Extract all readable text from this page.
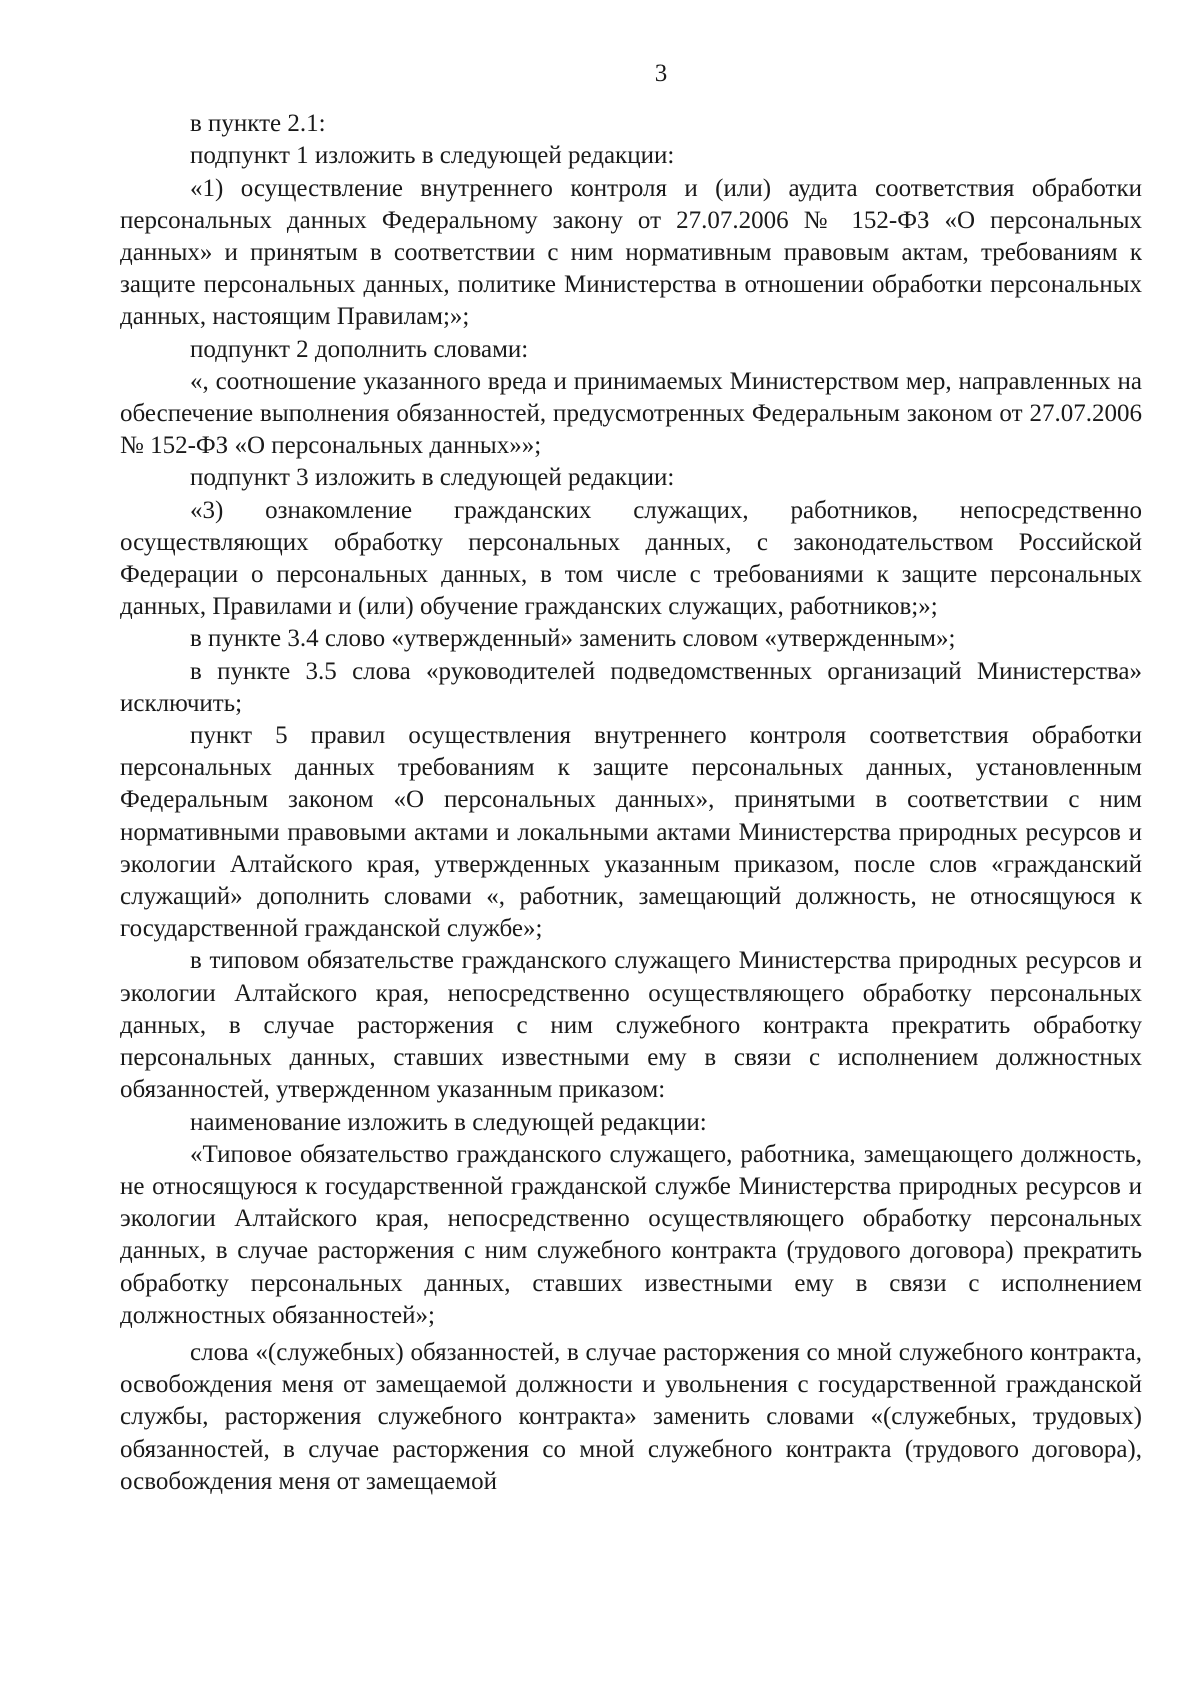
3

в пункте 2.1:

подпункт 1 изложить в следующей редакции:

«1) осуществление внутреннего контроля и (или) аудита соответствия обработки персональных данных Федеральному закону от 27.07.2006 № 152-ФЗ «О персональных данных» и принятым в соответствии с ним нормативным правовым актам, требованиям к защите персональных данных, политике Министерства в отношении обработки персональных данных, настоящим Правилам;»;

подпункт 2 дополнить словами:

«, соотношение указанного вреда и принимаемых Министерством мер, направленных на обеспечение выполнения обязанностей, предусмотренных Федеральным законом от 27.07.2006 № 152-ФЗ «О персональных данных»»;

подпункт 3 изложить в следующей редакции:

«3) ознакомление гражданских служащих, работников, непосредственно осуществляющих обработку персональных данных, с законодательством Российской Федерации о персональных данных, в том числе с требованиями к защите персональных данных, Правилами и (или) обучение гражданских служащих, работников;»;

в пункте 3.4 слово «утвержденный» заменить словом «утвержденным»;

в пункте 3.5 слова «руководителей подведомственных организаций Министерства» исключить;

пункт 5 правил осуществления внутреннего контроля соответствия обработки персональных данных требованиям к защите персональных данных, установленным Федеральным законом «О персональных данных», принятыми в соответствии с ним нормативными правовыми актами и локальными актами Министерства природных ресурсов и экологии Алтайского края, утвержденных указанным приказом, после слов «гражданский служащий» дополнить словами «, работник, замещающий должность, не относящуюся к государственной гражданской службе»;

в типовом обязательстве гражданского служащего Министерства природных ресурсов и экологии Алтайского края, непосредственно осуществляющего обработку персональных данных, в случае расторжения с ним служебного контракта прекратить обработку персональных данных, ставших известными ему в связи с исполнением должностных обязанностей, утвержденном указанным приказом:

наименование изложить в следующей редакции:

«Типовое обязательство гражданского служащего, работника, замещающего должность, не относящуюся к государственной гражданской службе Министерства природных ресурсов и экологии Алтайского края, непосредственно осуществляющего обработку персональных данных, в случае расторжения с ним служебного контракта (трудового договора) прекратить обработку персональных данных, ставших известными ему в связи с исполнением должностных обязанностей»;

слова «(служебных) обязанностей, в случае расторжения со мной служебного контракта, освобождения меня от замещаемой должности и увольнения с государственной гражданской службы, расторжения служебного контракта» заменить словами «(служебных, трудовых) обязанностей, в случае расторжения со мной служебного контракта (трудового договора), освобождения меня от замещаемой
